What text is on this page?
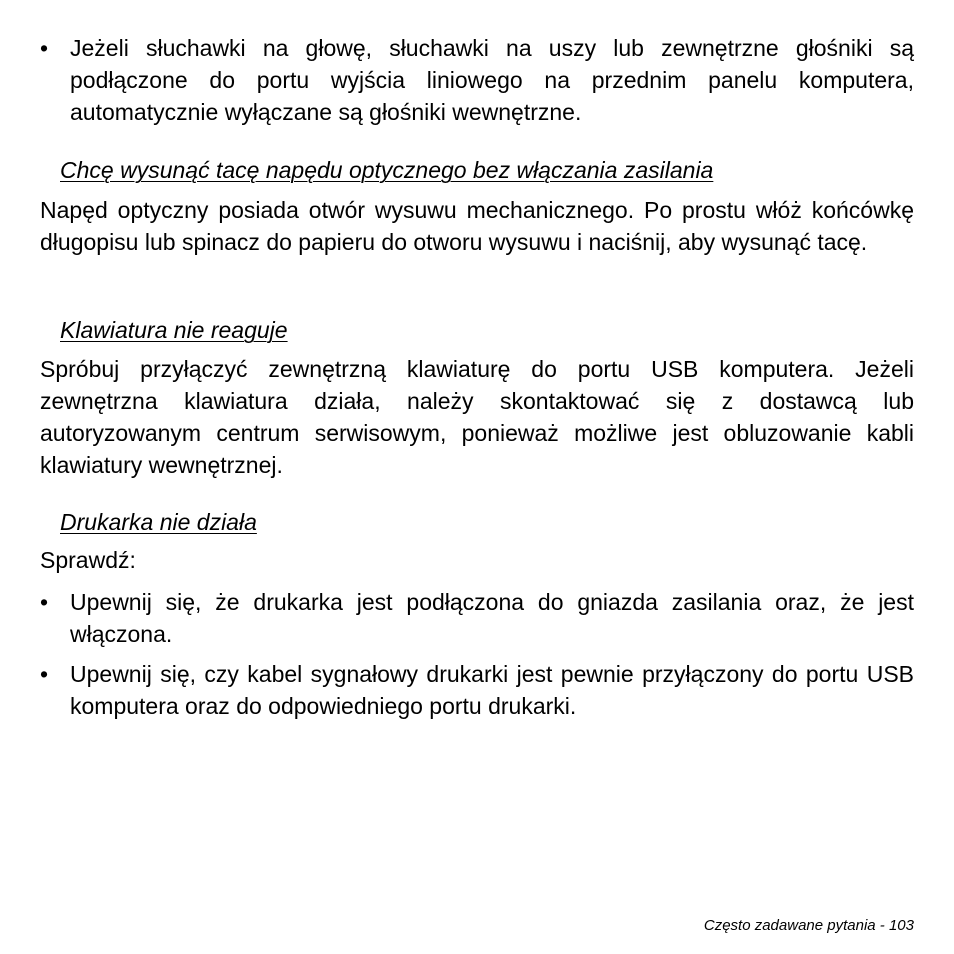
• Jeżeli słuchawki na głowę, słuchawki na uszy lub zewnętrzne głośniki są podłączone do portu wyjścia liniowego na przednim panelu komputera, automatycznie wyłączane są głośniki wewnętrzne.
Chcę wysunąć tacę napędu optycznego bez włączania zasilania
Napęd optyczny posiada otwór wysuwu mechanicznego. Po prostu włóż końcówkę długopisu lub spinacz do papieru do otworu wysuwu i naciśnij, aby wysunąć tacę.
Klawiatura nie reaguje
Spróbuj przyłączyć zewnętrzną klawiaturę do portu USB komputera. Jeżeli zewnętrzna klawiatura działa, należy skontaktować się z dostawcą lub autoryzowanym centrum serwisowym, ponieważ możliwe jest obluzowanie kabli klawiatury wewnętrznej.
Drukarka nie działa
Sprawdź:
• Upewnij się, że drukarka jest podłączona do gniazda zasilania oraz, że jest włączona.
• Upewnij się, czy kabel sygnałowy drukarki jest pewnie przyłączony do portu USB komputera oraz do odpowiedniego portu drukarki.
Często zadawane pytania - 103
